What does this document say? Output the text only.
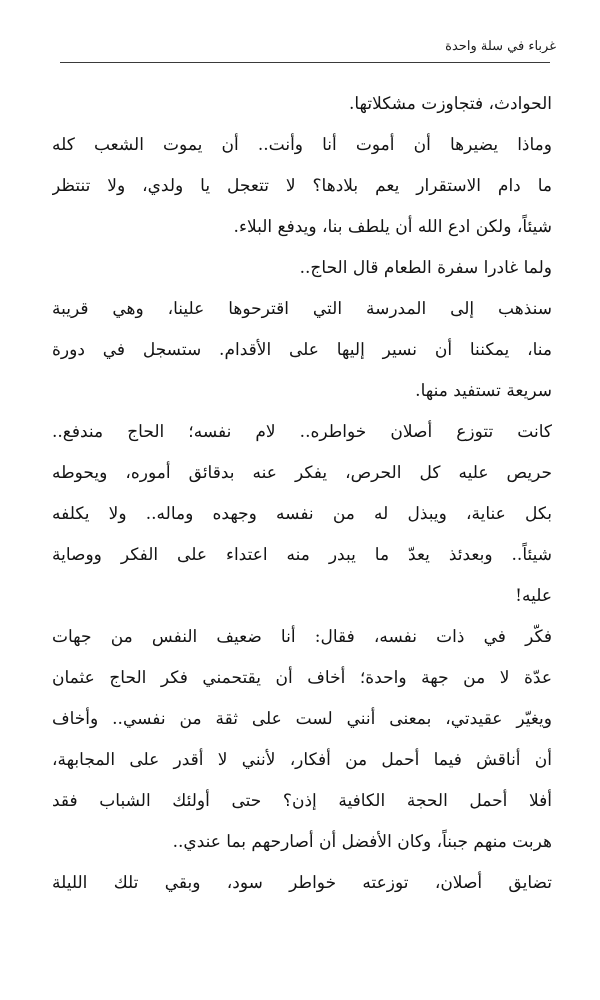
غرباء في سلة واحدة
الحوادث، فتجاوزت مشكلاتها.
وماذا يضيرها أن أموت أنا وأنت.. أن يموت الشعب كله
ما دام الاستقرار يعم بلادها؟ لا تتعجل يا ولدي، ولا تنتظر
شيئاً، ولكن ادع الله أن يلطف بنا، ويدفع البلاء.
ولما غادرا سفرة الطعام قال الحاج..
سنذهب إلى المدرسة التي اقترحوها علينا، وهي قريبة
منا، يمكننا أن نسير إليها على الأقدام. ستسجل في دورة
سريعة تستفيد منها.
كانت تتوزع أصلان خواطره.. لام نفسه؛ الحاج مندفع..
حريص عليه كل الحرص، يفكر عنه بدقائق أموره، ويحوطه
بكل عناية، ويبذل له من نفسه وجهده وماله.. ولا يكلفه
شيئاً.. وبعدئذ يعدّ ما يبدر منه اعتداء على الفكر ووصاية
عليه!
فكّر في ذات نفسه، فقال: أنا ضعيف النفس من جهات
عدّة لا من جهة واحدة؛ أخاف أن يقتحمني فكر الحاج عثمان
ويغيّر عقيدتي، بمعنى أنني لست على ثقة من نفسي.. وأخاف
أن أناقش فيما أحمل من أفكار، لأنني لا أقدر على المجابهة،
أفلا أحمل الحجة الكافية إذن؟ حتى أولئك الشباب فقد
هربت منهم جبناً، وكان الأفضل أن أصارحهم بما عندي..
تضايق أصلان، توزعته خواطر سود، وبقي تلك الليلة
